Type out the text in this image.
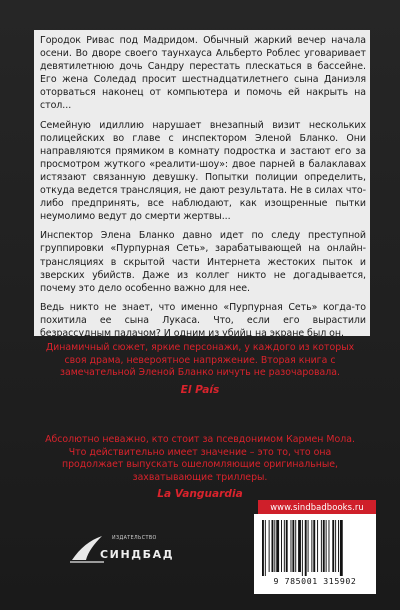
Городок Ривас под Мадридом. Обычный жаркий вечер начала осени. Во дворе своего таунхауса Альберто Роблес уговаривает девятилетнюю дочь Сандру перестать плескаться в бассейне. Его жена Соледад просит шестнадцатилетнего сына Даниэля оторваться наконец от компьютера и помочь ей накрыть на стол...

Семейную идиллию нарушает внезапный визит нескольких полицейских во главе с инспектором Эленой Бланко. Они направляются прямиком в комнату подростка и застают его за просмотром жуткого «реалити-шоу»: двое парней в балаклавах истязают связанную девушку. Попытки полиции определить, откуда ведется трансляция, не дают результата. Не в силах что-либо предпринять, все наблюдают, как изощренные пытки неумолимо ведут до смерти жертвы...

Инспектор Элена Бланко давно идет по следу преступной группировки «Пурпурная Сеть», зарабатывающей на онлайн-трансляциях в скрытой части Интернета жестоких пыток и зверских убийств. Даже из коллег никто не догадывается, почему это дело особенно важно для нее.

Ведь никто не знает, что именно «Пурпурная Сеть» когда-то похитила ее сына Лукаса. Что, если его вырастили безрассудным палачом? И одним из убийц на экране был он.

Динамичный сюжет, яркие персонажи, у каждого из которых своя драма, невероятное напряжение. Вторая книга с замечательной Эленой Бланко ничуть не разочаровала.

El País

Абсолютно неважно, кто стоит за псевдонимом Кармен Мола. Что действительно имеет значение – это то, что она продолжает выпускать ошеломляющие оригинальные, захватывающие триллеры.

La Vanguardia

ИЗДАТЕЛЬСТВО
СИНДБАД
www.sindbadbooks.ru
9 785001 315902
